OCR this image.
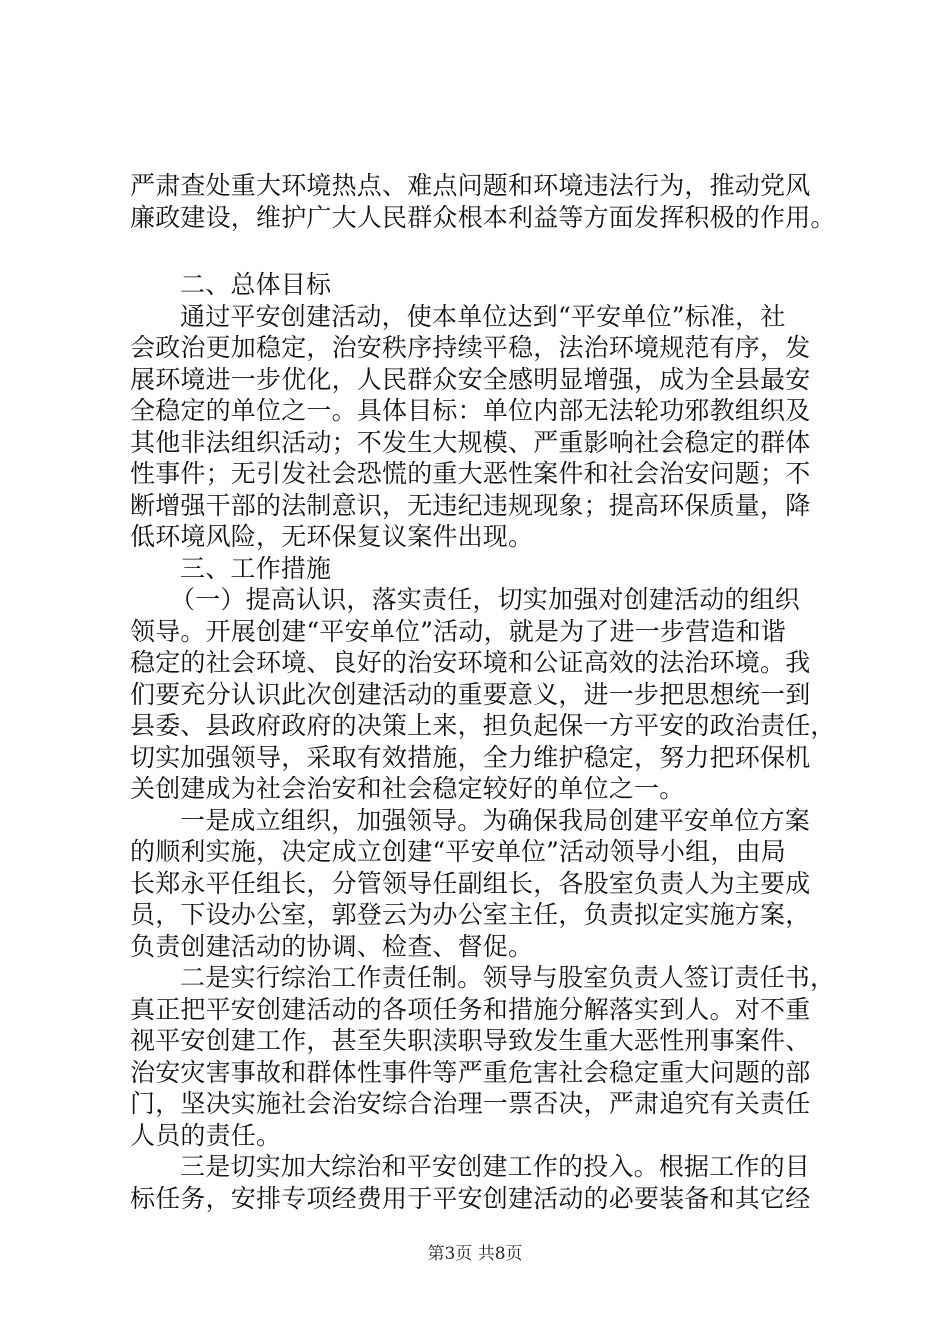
严肃查处重大环境热点、难点问题和环境违法行为，推动党风
廉政建设，维护广大人民群众根本利益等方面发挥积极的作用。
二、总体目标
通过平安创建活动，使本单位达到“平安单位”标准，社
会政治更加稳定，治安秩序持续平稳，法治环境规范有序，发
展环境进一步优化，人民群众安全感明显增强，成为全县最安
全稳定的单位之一。具体目标：单位内部无法轮功邪教组织及
其他非法组织活动；不发生大规模、严重影响社会稳定的群体
性事件；无引发社会恐慌的重大恶性案件和社会治安问题；不
断增强干部的法制意识，无违纪违规现象；提高环保质量，降
低环境风险，无环保复议案件出现。
三、工作措施
（一）提高认识，落实责任，切实加强对创建活动的组织
领导。开展创建“平安单位”活动，就是为了进一步营造和谐
稳定的社会环境、良好的治安环境和公证高效的法治环境。我
们要充分认识此次创建活动的重要意义，进一步把思想统一到
县委、县政府政府的决策上来，担负起保一方平安的政治责任，
切实加强领导，采取有效措施，全力维护稳定，努力把环保机
关创建成为社会治安和社会稳定较好的单位之一。
一是成立组织，加强领导。为确保我局创建平安单位方案
的顺利实施，决定成立创建“平安单位”活动领导小组，由局
长郑永平任组长，分管领导任副组长，各股室负责人为主要成
员，下设办公室，郭登云为办公室主任，负责拟定实施方案，
负责创建活动的协调、检查、督促。
二是实行综治工作责任制。领导与股室负责人签订责任书，
真正把平安创建活动的各项任务和措施分解落实到人。对不重
视平安创建工作，甚至失职渎职导致发生重大恶性刑事案件、
治安灾害事故和群体性事件等严重危害社会稳定重大问题的部
门，坚决实施社会治安综合治理一票否决，严肃追究有关责任
人员的责任。
三是切实加大综治和平安创建工作的投入。根据工作的目
标任务，安排专项经费用于平安创建活动的必要装备和其它经
第3页 共8页
